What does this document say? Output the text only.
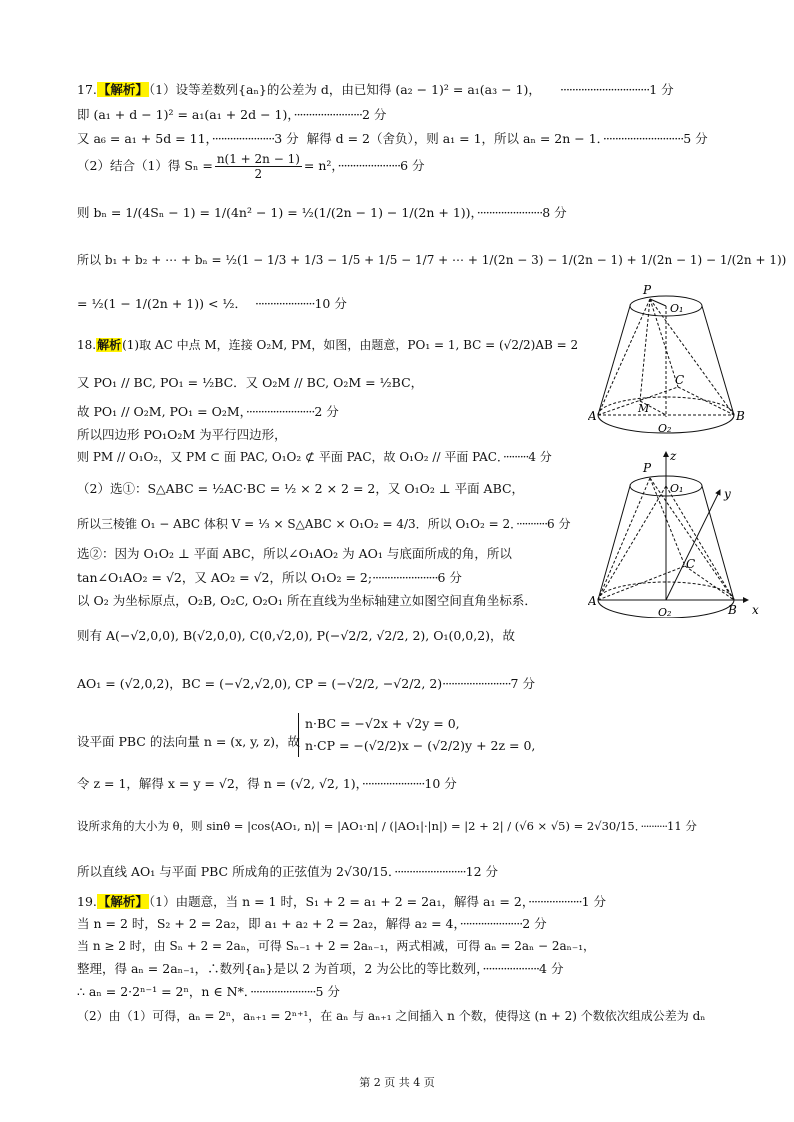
17.【解析】（1）设等差数列{aₙ}的公差为 d，由已知得 (a₂ − 1)² = a₁(a₃ − 1)， ······························1 分
即 (a₁ + d − 1)² = a₁(a₁ + 2d − 1)，·······················2 分
又 a₆ = a₁ + 5d = 11，·····················3 分 解得 d = 2（舍负），则 a₁ = 1，所以 aₙ = 2n − 1．···························5 分
（2）结合（1）得 $S_n = \frac{n(1 + 2n - 1)}{2} = n^2$，·····················6 分
则 bₙ = 1/(4Sₙ − 1) = 1/(4n² − 1) = ½(1/(2n − 1) − 1/(2n + 1))，······················8 分
所以 b₁ + b₂ + ⋯ + bₙ = ½(1 − 1/3 + 1/3 − 1/5 + 1/5 − 1/7 + ⋯ + 1/(2n − 3) − 1/(2n − 1) + 1/(2n − 1) − 1/(2n + 1))
= ½(1 − 1/(2n + 1)) < ½． ····················10 分
18.解析(1)取 AC 中点 M，连接 O₂M, PM，如图，由题意，PO₁ = 1, BC = (√2/2)AB = 2
又 PO₁ // BC, PO₁ = ½BC．又 O₂M // BC, O₂M = ½BC，
故 PO₁ // O₂M, PO₁ = O₂M，·······················2 分
所以四边形 PO₁O₂M 为平行四边形，
则 PM // O₁O₂，又 PM ⊂ 面 PAC, O₁O₂ ⊄ 平面 PAC，故 O₁O₂ // 平面 PAC．·········4 分
（2）选①：S△ABC = ½AC·BC = ½ × 2 × 2 = 2，又 O₁O₂ ⊥ 平面 ABC，
所以三棱锥 O₁ − ABC 体积 V = ⅓ × S△ABC × O₁O₂ = 4/3．所以 O₁O₂ = 2．···········6 分
选②：因为 O₁O₂ ⊥ 平面 ABC，所以∠O₁AO₂ 为 AO₁ 与底面所成的角，所以
tan∠O₁AO₂ = √2，又 AO₂ = √2，所以 O₁O₂ = 2;······················6 分
以 O₂ 为坐标原点，O₂B, O₂C, O₂O₁ 所在直线为坐标轴建立如图空间直角坐标系．
则有 A(−√2,0,0), B(√2,0,0), C(0,√2,0), P(−√2/2, √2/2, 2), O₁(0,0,2)，故
AO₁ = (√2,0,2)，BC = (−√2,√2,0), CP = (−√2/2, −√2/2, 2)·······················7 分
设平面 PBC 的法向量 n = (x, y, z)，故
n·BC = −√2x + √2y = 0,
n·CP = −(√2/2)x − (√2/2)y + 2z = 0,
令 z = 1，解得 x = y = √2，得 n = (√2, √2, 1)，·····················10 分
设所求角的大小为 θ，则 sinθ = |cos⟨AO₁, n⟩| = |AO₁·n| / (|AO₁|·|n|) = |2 + 2| / (√6 × √5) = 2√30/15．··········11 分
所以直线 AO₁ 与平面 PBC 所成角的正弦值为 2√30/15．························12 分
19.【解析】（1）由题意，当 n = 1 时，S₁ + 2 = a₁ + 2 = 2a₁，解得 a₁ = 2，··················1 分
当 n = 2 时，S₂ + 2 = 2a₂，即 a₁ + a₂ + 2 = 2a₂，解得 a₂ = 4，·····················2 分
当 n ≥ 2 时，由 Sₙ + 2 = 2aₙ，可得 Sₙ₋₁ + 2 = 2aₙ₋₁，两式相减，可得 aₙ = 2aₙ − 2aₙ₋₁，
整理，得 aₙ = 2aₙ₋₁，∴数列{aₙ}是以 2 为首项，2 为公比的等比数列，···················4 分
∴ aₙ = 2·2ⁿ⁻¹ = 2ⁿ，n ∈ N*．······················5 分
（2）由（1）可得，aₙ = 2ⁿ，aₙ₊₁ = 2ⁿ⁺¹，在 aₙ 与 aₙ₊₁ 之间插入 n 个数，使得这 (n + 2) 个数依次组成公差为 dₙ
P
O₁
C
A
M
B
O₂
P
O₁
z
y
C
A
B x
O₂
第 2 页 共 4 页
